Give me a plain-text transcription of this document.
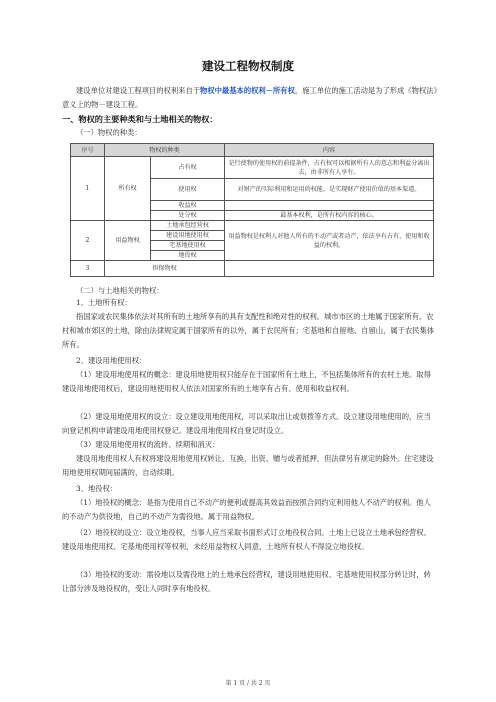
建设工程物权制度
建设单位对建设工程项目的权利来自于物权中最基本的权利－所有权，施工单位的施工活动是为了形成《物权法》意义上的物－建设工程。
一、物权的主要种类和与土地相关的物权：
（一）物权的种类：
序号	物权的种类		内容
1	所有权	占有权	是行使物的使用权的前提条件，占有权可以根据所有人的意志和利益分离出去，由非所有人享有。
		使用权	对财产的实际利用和运用的权能，是实现财产使用价值的基本渠道。
		收益权	
		处分权	最基本权利，是所有权内容的核心。
2	用益物权	土地承包经营权	用益物权是权利人对他人所有的不动产或者动产，依法享有占有、使用和收益的权利。
		建设用地使用权	
		宅基地使用权	
		地役权	
3	担保物权		
（二）与土地相关的物权：
1、土地所有权：
指国家或农民集体依法对其所有的土地所享有的具有支配性和绝对性的权利。城市市区的土地属于国家所有。农村和城市郊区的土地，除由法律规定属于国家所有的以外，属于农民所有；宅基地和自留地、自留山，属于农民集体所有。
2、建设用地使用权：
（1）建设用地使用权的概念：建设用地使用权只能存在于国家所有土地上，不包括集体所有的农村土地。取得建设用地使用权后，建设用地使用权人依法对国家所有的土地享有占有、使用和收益权利。
（2）建设用地使用权的设立：设立建设用地使用权，可以采取出让或划拨等方式。设立建设用地使用的，应当向登记机构申请建设用地使用权登记。建设用地使用权自登记时设立。
（3）建设用地使用权的流转、续期和消灭：
建设用地使用权人有权将建设用地使用权转让、互换、出资、赠与或者抵押，但法律另有规定的除外。住宅建设用地使用权期间届满的，自动续期。
3、地役权：
（1）地役权的概念：是指为使用自己不动产的便利或提高其效益而按照合同约定利用他人不动产的权利。他人的不动产为供役地，自己的不动产为需役地。属于用益物权。
（2）地役权的设立：设立地役权，当事人应当采取书面形式订立地役权合同。土地上已设立土地承包经营权、建设用地使用权、宅基地使用权等权利，未经用益物权人同意，土地所有权人不得设立地役权。
（3）地役权的变动：需役地以及需役地上的土地承包经营权，建设用地使用权、宅基地使用权部分转让时，转让部分涉及地役权的，受让人同时享有地役权。
第 1 页 / 共 2 页
